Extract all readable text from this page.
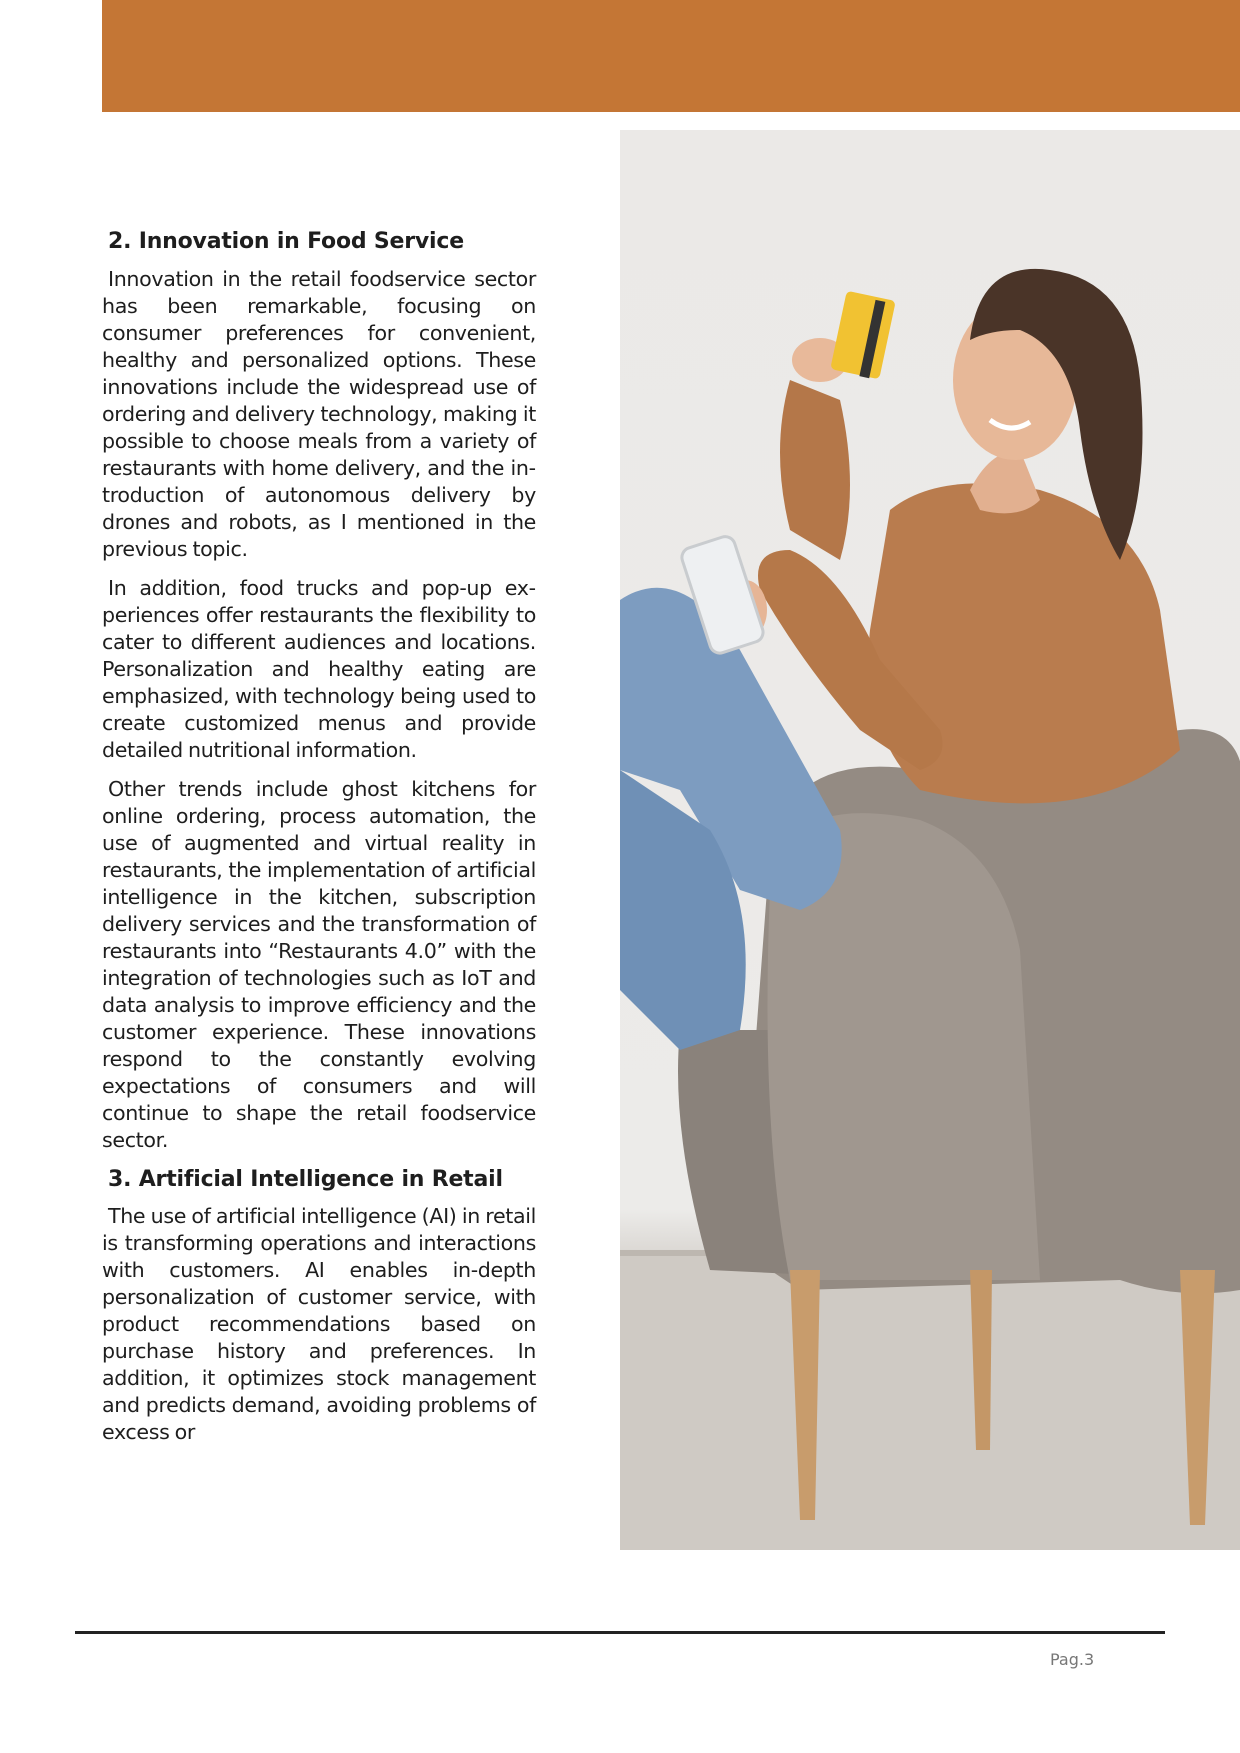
2. Innovation in Food Service

Innovation in the retail foodservice sector has been remarkable, focusing on consumer preferences for convenient, healthy and personalized options. These innovations include the widespread use of ordering and delivery technology, making it possible to choose meals from a variety of restaurants with home delivery, and the introduction of autonomous delivery by drones and robots, as I mentioned in the previous topic.

In addition, food trucks and pop-up experiences offer restaurants the flexibility to cater to different audiences and locations. Personalization and healthy eating are emphasized, with technology being used to create customized menus and provide detailed nutritional information.

Other trends include ghost kitchens for online ordering, process automation, the use of augmented and virtual reality in restaurants, the implementation of artificial intelligence in the kitchen, subscription delivery services and the transformation of restaurants into “Restaurants 4.0” with the integration of technologies such as IoT and data analysis to improve efficiency and the customer experience. These innovations respond to the constantly evolving expectations of consumers and will continue to shape the retail foodservice sector.

3. Artificial Intelligence in Retail

The use of artificial intelligence (AI) in retail is transforming operations and interactions with customers. AI enables in-depth personalization of customer service, with product recommendations based on purchase history and preferences. In addition, it optimizes stock management and predicts demand, avoiding problems of excess or

Pag.3
